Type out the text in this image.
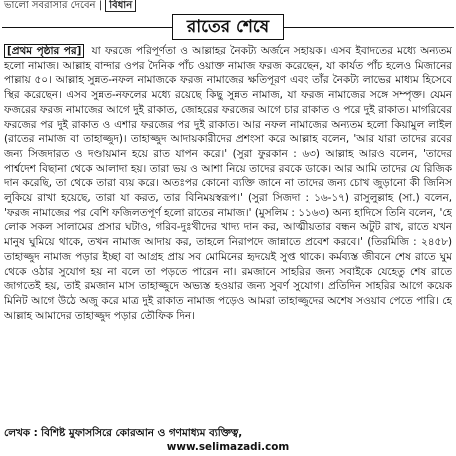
ভালো সবরাসার দেবেন | বিধান
রাতের শেষে
[প্রথম পৃষ্ঠার পর] যা ফরজে পরিপূর্ণতা ও আল্লাহর নৈকট্য অর্জনে সহায়ক। এসব ইবাদতের মধ্যে অন্যতম হলো নামাজ। আল্লাহ বান্দার ওপর দৈনিক পাঁচ ওয়াক্ত নামাজ ফরজ করেছেন, যা কার্যত পাঁচ হলেও মিজানের পাল্লায় ৫০। আল্লাহ সুন্নত-নফল নামাজকে ফরজ নামাজের ক্ষতিপূরণ এবং তাঁর নৈকট্য লাভের মাধ্যম হিসেবে স্থির করেছেন। এসব সুন্নত-নফলের মধ্যে রয়েছে কিছু সুন্নত নামাজ, যা ফরজ নামাজের সঙ্গে সম্পৃক্ত। যেমন ফজরের ফরজ নামাজের আগে দুই রাকাত, জোহরের ফরজের আগে চার রাকাত ও পরে দুই রাকাত। মাগরিবের ফরজের পর দুই রাকাত ও এশার ফরজের পর দুই রাকাত। আর নফল নামাজের অন্যতম হলো কিয়ামুল লাইল (রাতের নামাজ বা তাহাজ্জুদ)। তাহাজ্জুদ আদায়কারীদের প্রশংসা করে আল্লাহ বলেন, 'আর যারা তাদের রবের জন্য সিজদারত ও দণ্ডায়মান হয়ে রাত যাপন করে।' (সুরা ফুরকান : ৬৩) আল্লাহ আরও বলেন, 'তাদের পার্শ্বদেশ বিছানা থেকে আলাদা হয়। তারা ভয় ও আশা নিয়ে তাদের রবকে ডাকে। আর আমি তাদের যে রিজিক দান করেছি, তা থেকে তারা ব্যয় করে। অতঃপর কোনো ব্যক্তি জানে না তাদের জন্য চোখ জুড়ানো কী জিনিস লুকিয়ে রাখা হয়েছে, তারা যা করত, তার বিনিময়স্বরূপ।' (সুরা সিজদা : ১৬-১৭) রাসুলুল্লাহ (সা.) বলেন, 'ফরজ নামাজের পর বেশি ফজিলতপূর্ণ হলো রাতের নামাজ।' (মুসলিম : ১১৬৩) অন্য হাদিসে তিনি বলেন, 'হে লোক সকল সালামের প্রসার ঘটাও, গরিব-দুঃখীদের খাদ্য দান কর, আত্মীয়তার বন্ধন অটুট রাখ, রাতে যখন মানুষ ঘুমিয়ে থাকে, তখন নামাজ আদায় কর, তাহলে নিরাপদে জান্নাতে প্রবেশ করবে।' (তিরমিজি : ২৪৫৮) তাহাজ্জুদ নামাজ পড়ার ইচ্ছা বা আগ্রহ প্রায় সব মোমিনের হৃদয়েই সুপ্ত থাকে। কর্মব্যস্ত জীবনে শেষ রাতে ঘুম থেকে ওঠার সুযোগ হয় না বলে তা পড়তে পারেন না। রমজানে সাহরির জন্য সবাইকে যেহেতু শেষ রাতে জাগতেই হয়, তাই রমজান মাস তাহাজ্জুদে অভ্যস্ত হওয়ার জন্য সুবর্ণ সুযোগ। প্রতিদিন সাহরির আগে কয়েক মিনিট আগে উঠে অজু করে মাত্র দুই রাকাত নামাজ পড়েও আমরা তাহাজ্জুদের অশেষ সওয়াব পেতে পারি। হে আল্লাহ আমাদের তাহাজ্জুদ পড়ার তৌফিক দিন।
লেখক : বিশিষ্ট মুফাসসিরে কোরআন ও গণমাধ্যম ব্যক্তিত্ব,
www.selimazadi.com
